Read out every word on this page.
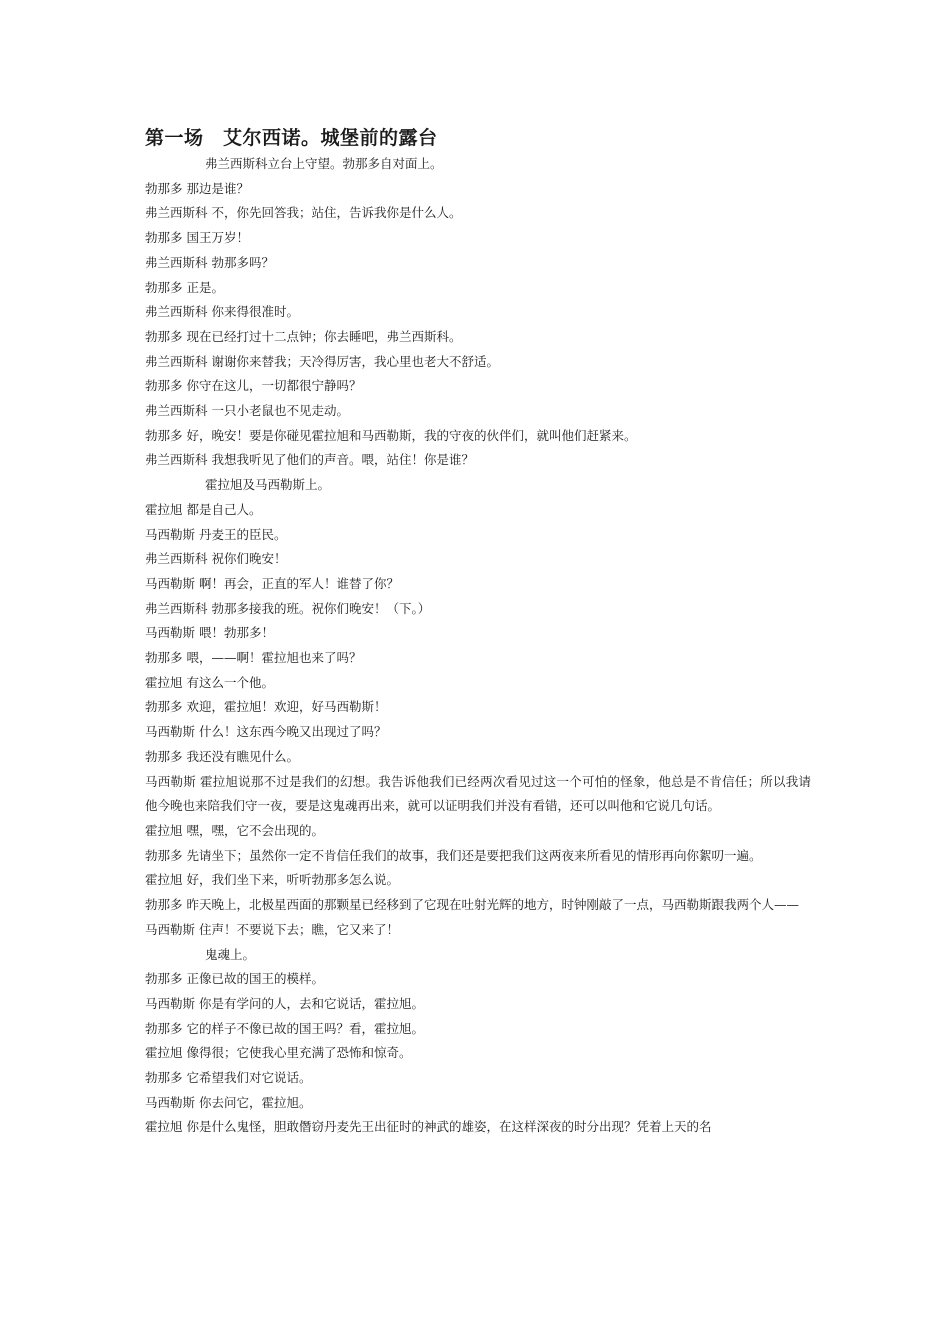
第一场　艾尔西诺。城堡前的露台

弗兰西斯科立台上守望。勃那多自对面上。

勃那多 那边是谁？

弗兰西斯科 不，你先回答我；站住，告诉我你是什么人。

勃那多 国王万岁！

弗兰西斯科 勃那多吗？

勃那多 正是。

弗兰西斯科 你来得很准时。

勃那多 现在已经打过十二点钟；你去睡吧，弗兰西斯科。

弗兰西斯科 谢谢你来替我；天冷得厉害，我心里也老大不舒适。

勃那多 你守在这儿，一切都很宁静吗？

弗兰西斯科 一只小老鼠也不见走动。

勃那多 好，晚安！要是你碰见霍拉旭和马西勒斯，我的守夜的伙伴们，就叫他们赶紧来。

弗兰西斯科 我想我听见了他们的声音。喂，站住！你是谁？

霍拉旭及马西勒斯上。

霍拉旭 都是自己人。

马西勒斯 丹麦王的臣民。

弗兰西斯科 祝你们晚安！

马西勒斯 啊！再会，正直的军人！谁替了你？

弗兰西斯科 勃那多接我的班。祝你们晚安！（下。）

马西勒斯 喂！勃那多！

勃那多 喂，——啊！霍拉旭也来了吗？

霍拉旭 有这么一个他。

勃那多 欢迎，霍拉旭！欢迎，好马西勒斯！

马西勒斯 什么！这东西今晚又出现过了吗？

勃那多 我还没有瞧见什么。

马西勒斯 霍拉旭说那不过是我们的幻想。我告诉他我们已经两次看见过这一个可怕的怪象，他总是不肯信任；所以我请他今晚也来陪我们守一夜，要是这鬼魂再出来，就可以证明我们并没有看错，还可以叫他和它说几句话。

霍拉旭 嘿，嘿，它不会出现的。

勃那多 先请坐下；虽然你一定不肯信任我们的故事，我们还是要把我们这两夜来所看见的情形再向你絮叨一遍。

霍拉旭 好，我们坐下来，听听勃那多怎么说。

勃那多 昨天晚上，北极星西面的那颗星已经移到了它现在吐射光辉的地方，时钟刚敲了一点，马西勒斯跟我两个人——

马西勒斯 住声！不要说下去；瞧，它又来了！

鬼魂上。

勃那多 正像已故的国王的模样。

马西勒斯 你是有学问的人，去和它说话，霍拉旭。

勃那多 它的样子不像已故的国王吗？看，霍拉旭。

霍拉旭 像得很；它使我心里充满了恐怖和惊奇。

勃那多 它希望我们对它说话。

马西勒斯 你去问它，霍拉旭。

霍拉旭 你是什么鬼怪，胆敢僭窃丹麦先王出征时的神武的雄姿，在这样深夜的时分出现？凭着上天的名
